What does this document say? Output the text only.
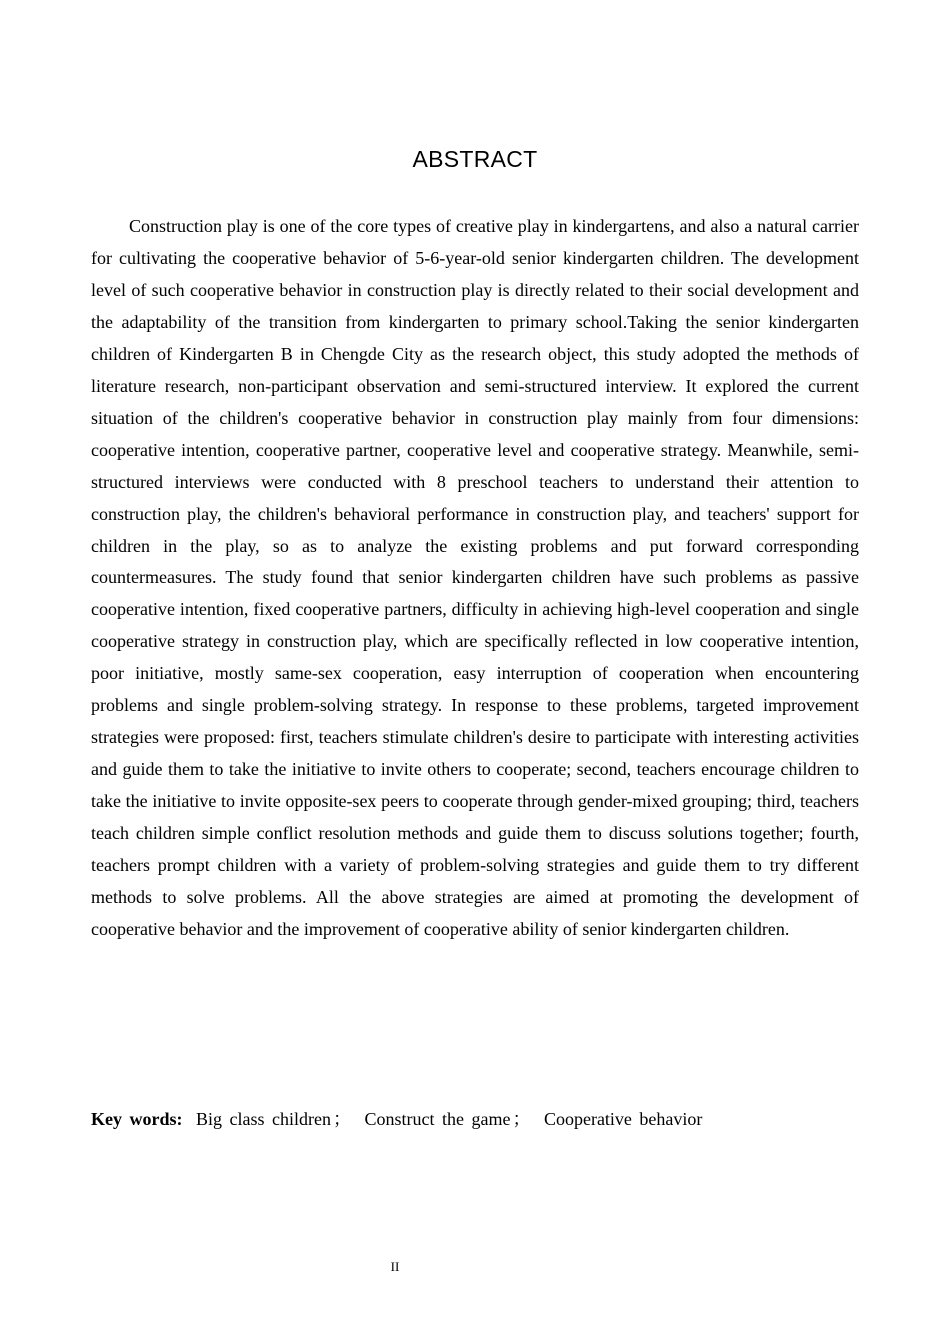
ABSTRACT

Construction play is one of the core types of creative play in kindergartens, and also a natural carrier for cultivating the cooperative behavior of 5-6-year-old senior kindergarten children. The development level of such cooperative behavior in construction play is directly related to their social development and the adaptability of the transition from kindergarten to primary school.Taking the senior kindergarten children of Kindergarten B in Chengde City as the research object, this study adopted the methods of literature research, non-participant observation and semi-structured interview. It explored the current situation of the children's cooperative behavior in construction play mainly from four dimensions: cooperative intention, cooperative partner, cooperative level and cooperative strategy. Meanwhile, semi-structured interviews were conducted with 8 preschool teachers to understand their attention to construction play, the children's behavioral performance in construction play, and teachers' support for children in the play, so as to analyze the existing problems and put forward corresponding countermeasures. The study found that senior kindergarten children have such problems as passive cooperative intention, fixed cooperative partners, difficulty in achieving high-level cooperation and single cooperative strategy in construction play, which are specifically reflected in low cooperative intention, poor initiative, mostly same-sex cooperation, easy interruption of cooperation when encountering problems and single problem-solving strategy. In response to these problems, targeted improvement strategies were proposed: first, teachers stimulate children's desire to participate with interesting activities and guide them to take the initiative to invite others to cooperate; second, teachers encourage children to take the initiative to invite opposite-sex peers to cooperate through gender-mixed grouping; third, teachers teach children simple conflict resolution methods and guide them to discuss solutions together; fourth, teachers prompt children with a variety of problem-solving strategies and guide them to try different methods to solve problems. All the above strategies are aimed at promoting the development of cooperative behavior and the improvement of cooperative ability of senior kindergarten children.

Key words: Big class children ； Construct the game ； Cooperative behavior
II
